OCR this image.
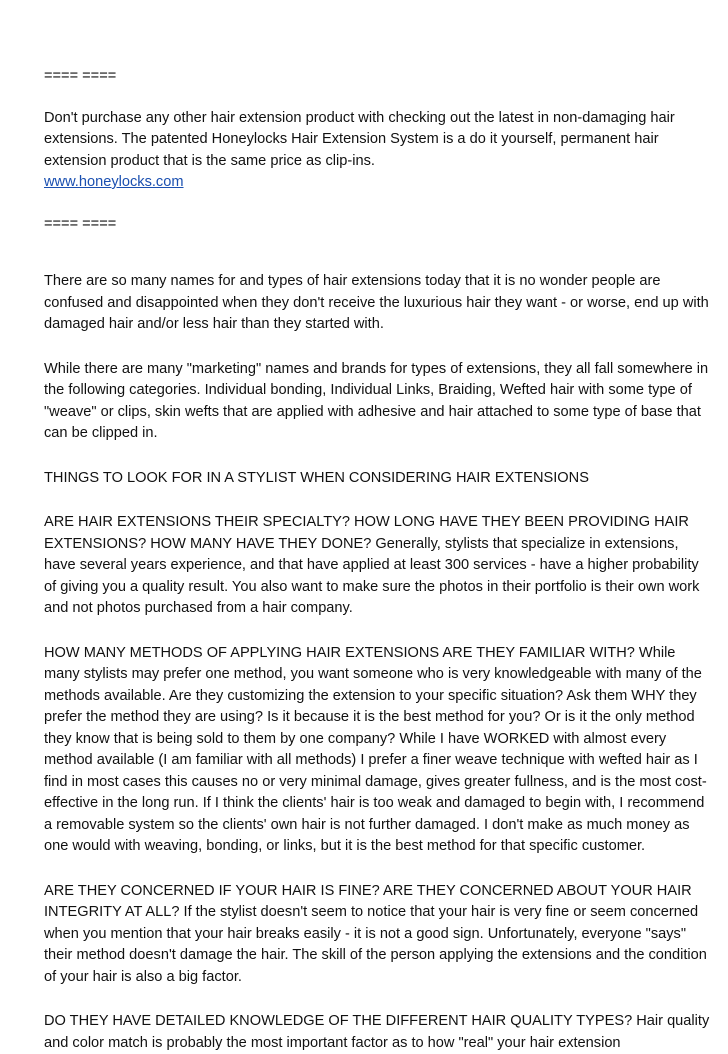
==== ====

Don't purchase any other hair extension product with checking out the latest in non-damaging hair extensions. The patented Honeylocks Hair Extension System is a do it yourself, permanent hair extension product that is the same price as clip-ins.

www.honeylocks.com

==== ====

There are so many names for and types of hair extensions today that it is no wonder people are confused and disappointed when they don't receive the luxurious hair they want - or worse, end up with damaged hair and/or less hair than they started with.

While there are many "marketing" names and brands for types of extensions, they all fall somewhere in the following categories. Individual bonding, Individual Links, Braiding, Wefted hair with some type of "weave" or clips, skin wefts that are applied with adhesive and hair attached to some type of base that can be clipped in.

THINGS TO LOOK FOR IN A STYLIST WHEN CONSIDERING HAIR EXTENSIONS

ARE HAIR EXTENSIONS THEIR SPECIALTY? HOW LONG HAVE THEY BEEN PROVIDING HAIR EXTENSIONS? HOW MANY HAVE THEY DONE? Generally, stylists that specialize in extensions, have several years experience, and that have applied at least 300 services - have a higher probability of giving you a quality result. You also want to make sure the photos in their portfolio is their own work and not photos purchased from a hair company.

HOW MANY METHODS OF APPLYING HAIR EXTENSIONS ARE THEY FAMILIAR WITH? While many stylists may prefer one method, you want someone who is very knowledgeable with many of the methods available. Are they customizing the extension to your specific situation? Ask them WHY they prefer the method they are using? Is it because it is the best method for you? Or is it the only method they know that is being sold to them by one company? While I have WORKED with almost every method available (I am familiar with all methods) I prefer a finer weave technique with wefted hair as I find in most cases this causes no or very minimal damage, gives greater fullness, and is the most cost-effective in the long run. If I think the clients' hair is too weak and damaged to begin with, I recommend a removable system so the clients' own hair is not further damaged. I don't make as much money as one would with weaving, bonding, or links, but it is the best method for that specific customer.

ARE THEY CONCERNED IF YOUR HAIR IS FINE? ARE THEY CONCERNED ABOUT YOUR HAIR INTEGRITY AT ALL? If the stylist doesn't seem to notice that your hair is very fine or seem concerned when you mention that your hair breaks easily - it is not a good sign. Unfortunately, everyone "says" their method doesn't damage the hair. The skill of the person applying the extensions and the condition of your hair is also a big factor.

DO THEY HAVE DETAILED KNOWLEDGE OF THE DIFFERENT HAIR QUALITY TYPES? Hair quality and color match is probably the most important factor as to how "real" your hair extension
